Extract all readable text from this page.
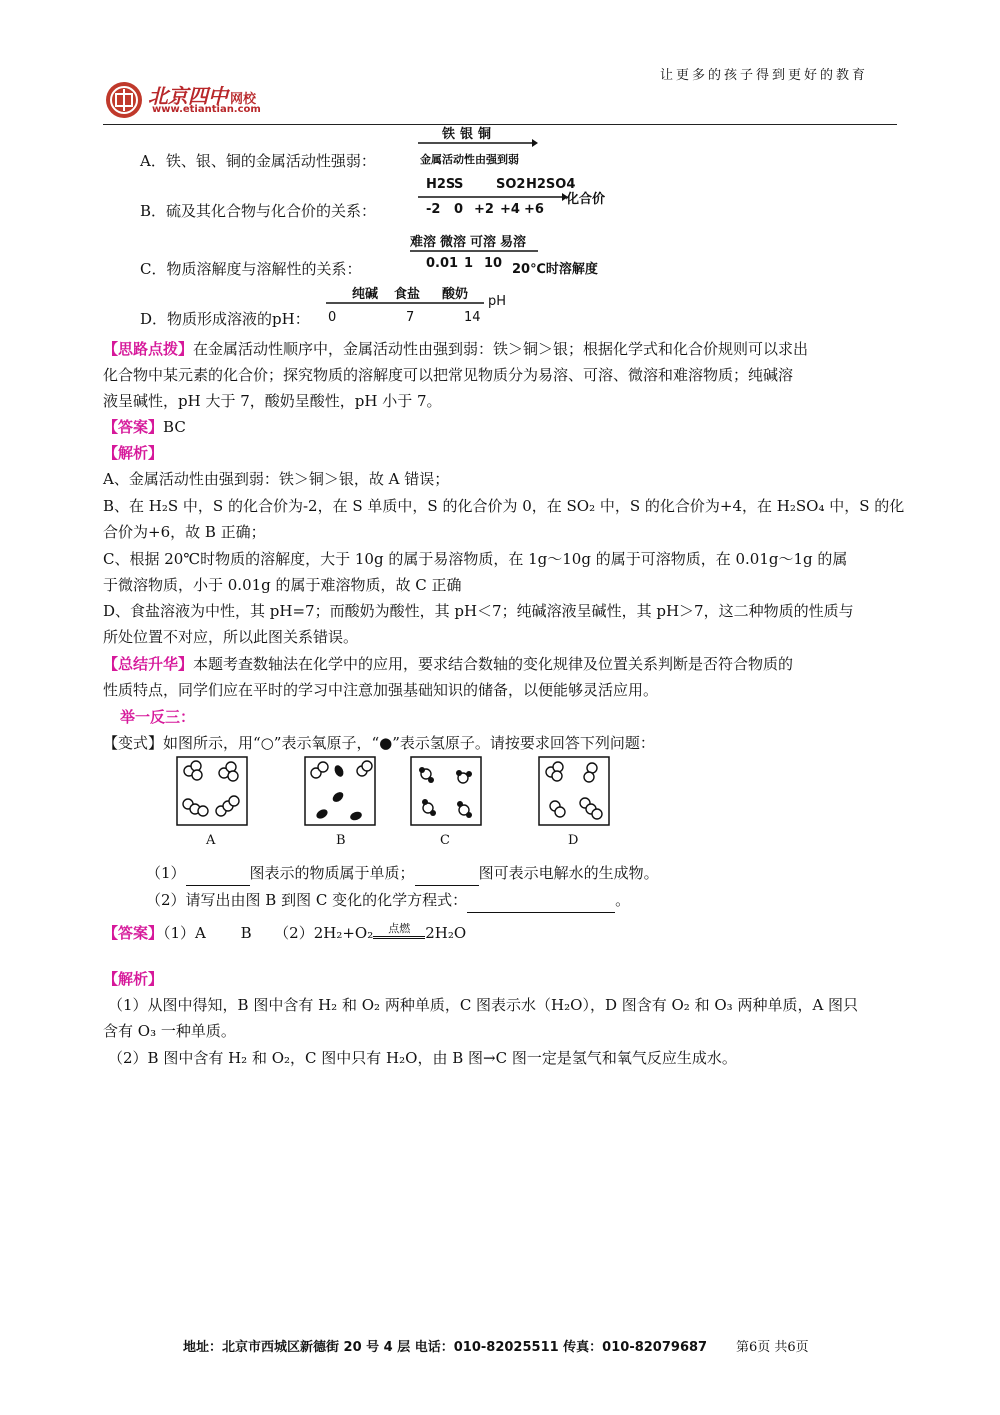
北京四中 网校
www.etiantian.com
让更多的孩子得到更好的教育
A．铁、银、铜的金属活动性强弱：
铁 银 铜
金属活动性由强到弱
B．硫及其化合物与化合价的关系：
H2S
S	SO2 H2SO4
-2 0 +2 +4 +6
化合价
C．物质溶解度与溶解性的关系：
难溶 微溶 可溶 易溶
0.01 1 10 20℃时溶解度
D．物质形成溶液的pH：
纯碱 食盐 酸奶
0	7	14
pH
【思路点拨】在金属活动性顺序中，金属活动性由强到弱：铁＞铜＞银；根据化学式和化合价规则可以求出
化合物中某元素的化合价；探究物质的溶解度可以把常见物质分为易溶、可溶、微溶和难溶物质；纯碱溶
液呈碱性，pH 大于 7，酸奶呈酸性，pH 小于 7。
【答案】BC
【解析】
A、金属活动性由强到弱：铁＞铜＞银，故 A 错误；
B、在 H₂S 中，S 的化合价为-2，在 S 单质中，S 的化合价为 0，在 SO₂ 中，S 的化合价为+4，在 H₂SO₄ 中，S 的化
合价为+6，故 B 正确；
C、根据 20℃时物质的溶解度，大于 10g 的属于易溶物质，在 1g～10g 的属于可溶物质，在 0.01g～1g 的属
于微溶物质，小于 0.01g 的属于难溶物质，故 C 正确
D、食盐溶液为中性，其 pH=7；而酸奶为酸性，其 pH＜7；纯碱溶液呈碱性，其 pH＞7，这二种物质的性质与
所处位置不对应，所以此图关系错误。
【总结升华】本题考查数轴法在化学中的应用，要求结合数轴的变化规律及位置关系判断是否符合物质的
性质特点，同学们应在平时的学习中注意加强基础知识的储备，以便能够灵活应用。
举一反三：
【变式】如图所示，用“○”表示氧原子，“●”表示氢原子。请按要求回答下列问题：
A	B	C	D
（1）	图表示的物质属于单质；	图可表示电解水的生成物。
（2）请写出由图 B 到图 C 变化的化学方程式：	。
【答案】（1）A　　 B　　（2）2H₂+O₂ 点燃 2H₂O
【解析】
（1）从图中得知，B 图中含有 H₂ 和 O₂ 两种单质，C 图表示水（H₂O），D 图含有 O₂ 和 O₃ 两种单质，A 图只
含有 O₃ 一种单质。
（2）B 图中含有 H₂ 和 O₂，C 图中只有 H₂O，由 B 图→C 图一定是氢气和氧气反应生成水。
地址：北京市西城区新德街 20 号 4 层 电话：010-82025511 传真：010-82079687 第6页 共6页
